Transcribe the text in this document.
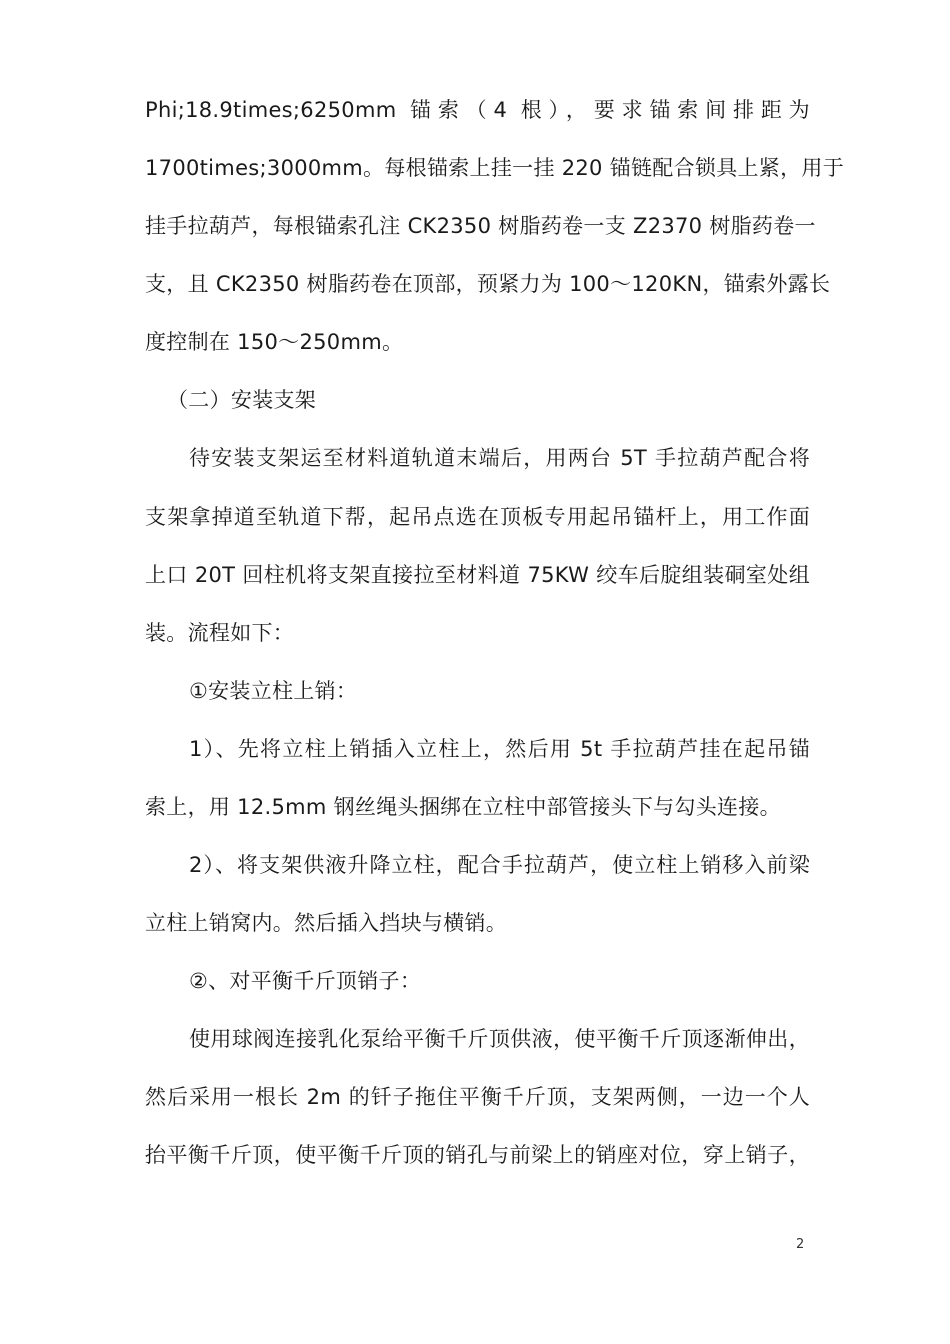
Phi;18.9times;6250mm 锚索（4 根），要求锚索间排距为
1700times;3000mm。每根锚索上挂一挂 220 锚链配合锁具上紧，用于
挂手拉葫芦，每根锚索孔注 CK2350 树脂药卷一支 Z2370 树脂药卷一
支，且 CK2350 树脂药卷在顶部，预紧力为 100～120KN，锚索外露长
度控制在 150～250mm。
（二）安装支架
待安装支架运至材料道轨道末端后，用两台 5T 手拉葫芦配合将
支架拿掉道至轨道下帮，起吊点选在顶板专用起吊锚杆上，用工作面
上口 20T 回柱机将支架直接拉至材料道 75KW 绞车后腚组装硐室处组
装。流程如下：
①安装立柱上销：
1）、先将立柱上销插入立柱上，然后用 5t 手拉葫芦挂在起吊锚
索上，用 12.5mm 钢丝绳头捆绑在立柱中部管接头下与勾头连接。
2）、将支架供液升降立柱，配合手拉葫芦，使立柱上销移入前梁
立柱上销窝内。然后插入挡块与横销。
②、对平衡千斤顶销子：
使用球阀连接乳化泵给平衡千斤顶供液，使平衡千斤顶逐渐伸出，
然后采用一根长 2m 的钎子拖住平衡千斤顶，支架两侧，一边一个人
抬平衡千斤顶，使平衡千斤顶的销孔与前梁上的销座对位，穿上销子，
2
